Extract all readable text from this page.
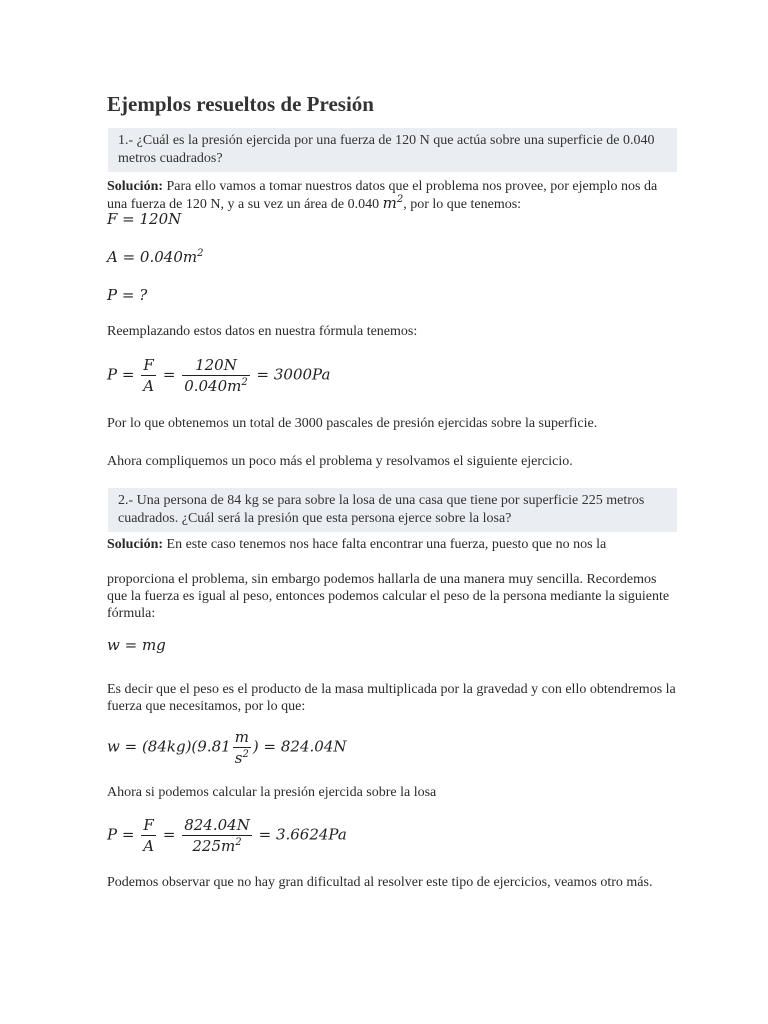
Ejemplos resueltos de Presión
1.- ¿Cuál es la presión ejercida por una fuerza de 120 N que actúa sobre una superficie de 0.040 metros cuadrados?
Solución: Para ello vamos a tomar nuestros datos que el problema nos provee, por ejemplo nos da una fuerza de 120 N, y a su vez un área de 0.040 $m^2$, por lo que tenemos:
F = 120N
$A = 0.040m^2$
P = ?
Reemplazando estos datos en nuestra fórmula tenemos:
$P = \frac{F}{A} = \frac{120N}{0.040m^2} = 3000Pa$
Por lo que obtenemos un total de 3000 pascales de presión ejercidas sobre la superficie.
Ahora compliquemos un poco más el problema y resolvamos el siguiente ejercicio.
2.- Una persona de 84 kg se para sobre la losa de una casa que tiene por superficie 225 metros cuadrados. ¿Cuál será la presión que esta persona ejerce sobre la losa?
Solución: En este caso tenemos nos hace falta encontrar una fuerza, puesto que no nos la
proporciona el problema, sin embargo podemos hallarla de una manera muy sencilla. Recordemos que la fuerza es igual al peso, entonces podemos calcular el peso de la persona mediante la siguiente fórmula:
w = mg
Es decir que el peso es el producto de la masa multiplicada por la gravedad y con ello obtendremos la fuerza que necesitamos, por lo que:
$w = (84kg)(9.81 \frac{m}{s^2}$ ) = 824.04N
Ahora si podemos calcular la presión ejercida sobre la losa
$P = \frac{F}{A} = \frac{824.04N}{225m^2} = 3.6624Pa$
Podemos observar que no hay gran dificultad al resolver este tipo de ejercicios, veamos otro más.
